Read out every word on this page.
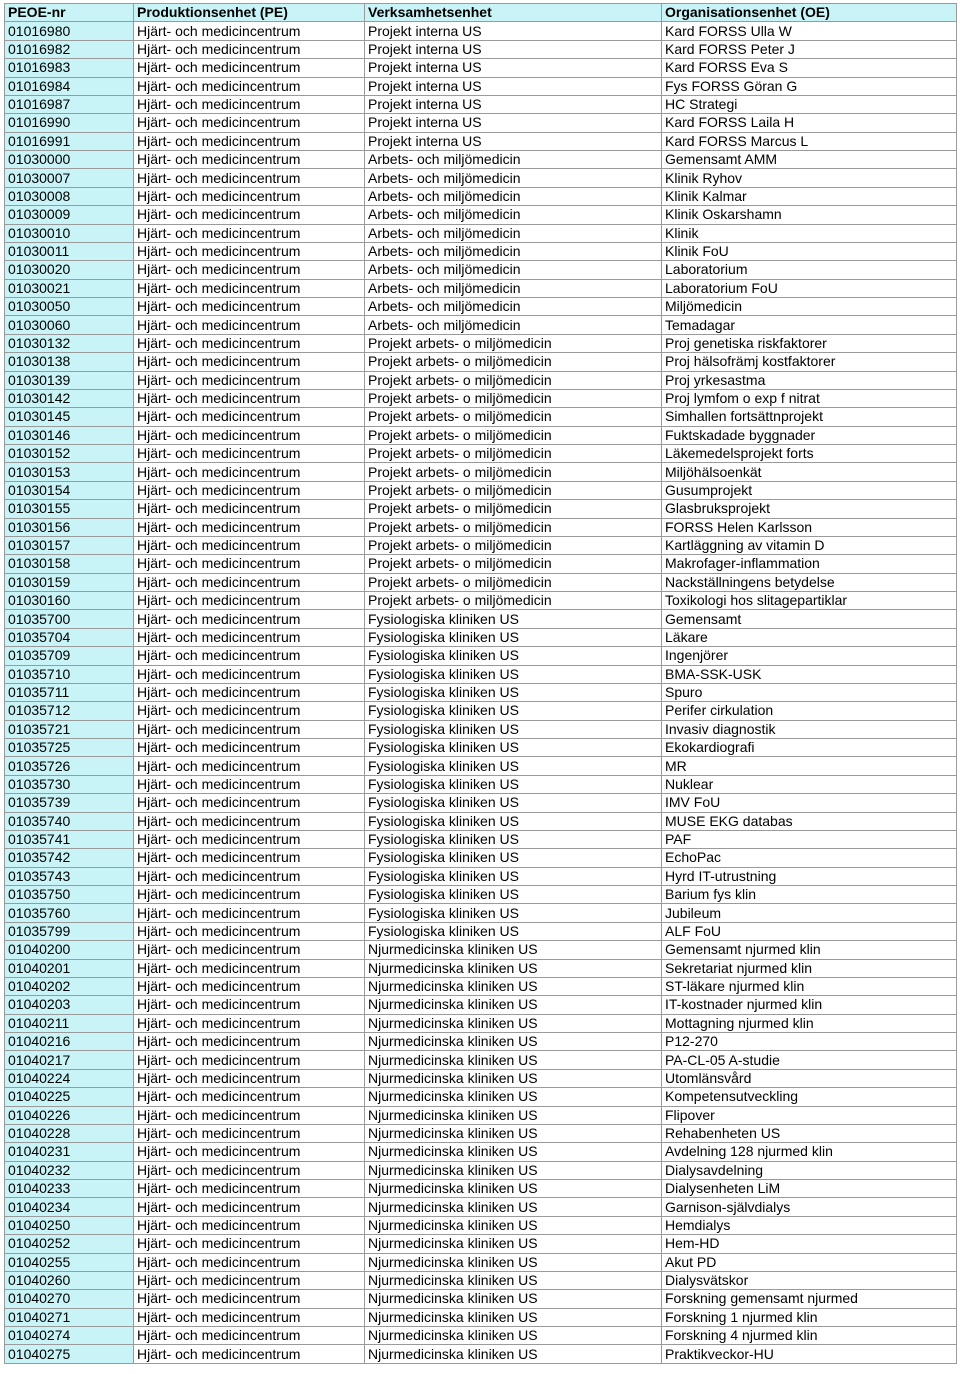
PEOE-nr	Produktionsenhet (PE)	Verksamhetsenhet	Organisationsenhet (OE)
01016980	Hjärt- och medicincentrum	Projekt interna US	Kard FORSS Ulla W
01016982	Hjärt- och medicincentrum	Projekt interna US	Kard FORSS Peter J
01016983	Hjärt- och medicincentrum	Projekt interna US	Kard FORSS Eva S
01016984	Hjärt- och medicincentrum	Projekt interna US	Fys FORSS Göran G
01016987	Hjärt- och medicincentrum	Projekt interna US	HC Strategi
01016990	Hjärt- och medicincentrum	Projekt interna US	Kard FORSS Laila H
01016991	Hjärt- och medicincentrum	Projekt interna US	Kard FORSS Marcus L
01030000	Hjärt- och medicincentrum	Arbets- och miljömedicin	Gemensamt AMM
01030007	Hjärt- och medicincentrum	Arbets- och miljömedicin	Klinik Ryhov
01030008	Hjärt- och medicincentrum	Arbets- och miljömedicin	Klinik Kalmar
01030009	Hjärt- och medicincentrum	Arbets- och miljömedicin	Klinik Oskarshamn
01030010	Hjärt- och medicincentrum	Arbets- och miljömedicin	Klinik
01030011	Hjärt- och medicincentrum	Arbets- och miljömedicin	Klinik FoU
01030020	Hjärt- och medicincentrum	Arbets- och miljömedicin	Laboratorium
01030021	Hjärt- och medicincentrum	Arbets- och miljömedicin	Laboratorium FoU
01030050	Hjärt- och medicincentrum	Arbets- och miljömedicin	Miljömedicin
01030060	Hjärt- och medicincentrum	Arbets- och miljömedicin	Temadagar
01030132	Hjärt- och medicincentrum	Projekt arbets- o miljömedicin	Proj genetiska riskfaktorer
01030138	Hjärt- och medicincentrum	Projekt arbets- o miljömedicin	Proj hälsofrämj kostfaktorer
01030139	Hjärt- och medicincentrum	Projekt arbets- o miljömedicin	Proj yrkesastma
01030142	Hjärt- och medicincentrum	Projekt arbets- o miljömedicin	Proj lymfom o exp f nitrat
01030145	Hjärt- och medicincentrum	Projekt arbets- o miljömedicin	Simhallen fortsättnprojekt
01030146	Hjärt- och medicincentrum	Projekt arbets- o miljömedicin	Fuktskadade byggnader
01030152	Hjärt- och medicincentrum	Projekt arbets- o miljömedicin	Läkemedelsprojekt forts
01030153	Hjärt- och medicincentrum	Projekt arbets- o miljömedicin	Miljöhälsoenkät
01030154	Hjärt- och medicincentrum	Projekt arbets- o miljömedicin	Gusumprojekt
01030155	Hjärt- och medicincentrum	Projekt arbets- o miljömedicin	Glasbruksprojekt
01030156	Hjärt- och medicincentrum	Projekt arbets- o miljömedicin	FORSS Helen Karlsson
01030157	Hjärt- och medicincentrum	Projekt arbets- o miljömedicin	Kartläggning av vitamin D
01030158	Hjärt- och medicincentrum	Projekt arbets- o miljömedicin	Makrofager-inflammation
01030159	Hjärt- och medicincentrum	Projekt arbets- o miljömedicin	Nackställningens betydelse
01030160	Hjärt- och medicincentrum	Projekt arbets- o miljömedicin	Toxikologi hos slitagepartiklar
01035700	Hjärt- och medicincentrum	Fysiologiska kliniken US	Gemensamt
01035704	Hjärt- och medicincentrum	Fysiologiska kliniken US	Läkare
01035709	Hjärt- och medicincentrum	Fysiologiska kliniken US	Ingenjörer
01035710	Hjärt- och medicincentrum	Fysiologiska kliniken US	BMA-SSK-USK
01035711	Hjärt- och medicincentrum	Fysiologiska kliniken US	Spuro
01035712	Hjärt- och medicincentrum	Fysiologiska kliniken US	Perifer cirkulation
01035721	Hjärt- och medicincentrum	Fysiologiska kliniken US	Invasiv diagnostik
01035725	Hjärt- och medicincentrum	Fysiologiska kliniken US	Ekokardiografi
01035726	Hjärt- och medicincentrum	Fysiologiska kliniken US	MR
01035730	Hjärt- och medicincentrum	Fysiologiska kliniken US	Nuklear
01035739	Hjärt- och medicincentrum	Fysiologiska kliniken US	IMV FoU
01035740	Hjärt- och medicincentrum	Fysiologiska kliniken US	MUSE EKG databas
01035741	Hjärt- och medicincentrum	Fysiologiska kliniken US	PAF
01035742	Hjärt- och medicincentrum	Fysiologiska kliniken US	EchoPac
01035743	Hjärt- och medicincentrum	Fysiologiska kliniken US	Hyrd IT-utrustning
01035750	Hjärt- och medicincentrum	Fysiologiska kliniken US	Barium fys klin
01035760	Hjärt- och medicincentrum	Fysiologiska kliniken US	Jubileum
01035799	Hjärt- och medicincentrum	Fysiologiska kliniken US	ALF FoU
01040200	Hjärt- och medicincentrum	Njurmedicinska kliniken US	Gemensamt njurmed klin
01040201	Hjärt- och medicincentrum	Njurmedicinska kliniken US	Sekretariat njurmed klin
01040202	Hjärt- och medicincentrum	Njurmedicinska kliniken US	ST-läkare njurmed klin
01040203	Hjärt- och medicincentrum	Njurmedicinska kliniken US	IT-kostnader njurmed klin
01040211	Hjärt- och medicincentrum	Njurmedicinska kliniken US	Mottagning njurmed klin
01040216	Hjärt- och medicincentrum	Njurmedicinska kliniken US	P12-270
01040217	Hjärt- och medicincentrum	Njurmedicinska kliniken US	PA-CL-05 A-studie
01040224	Hjärt- och medicincentrum	Njurmedicinska kliniken US	Utomlänsvård
01040225	Hjärt- och medicincentrum	Njurmedicinska kliniken US	Kompetensutveckling
01040226	Hjärt- och medicincentrum	Njurmedicinska kliniken US	Flipover
01040228	Hjärt- och medicincentrum	Njurmedicinska kliniken US	Rehabenheten US
01040231	Hjärt- och medicincentrum	Njurmedicinska kliniken US	Avdelning 128 njurmed klin
01040232	Hjärt- och medicincentrum	Njurmedicinska kliniken US	Dialysavdelning
01040233	Hjärt- och medicincentrum	Njurmedicinska kliniken US	Dialysenheten LiM
01040234	Hjärt- och medicincentrum	Njurmedicinska kliniken US	Garnison-självdialys
01040250	Hjärt- och medicincentrum	Njurmedicinska kliniken US	Hemdialys
01040252	Hjärt- och medicincentrum	Njurmedicinska kliniken US	Hem-HD
01040255	Hjärt- och medicincentrum	Njurmedicinska kliniken US	Akut PD
01040260	Hjärt- och medicincentrum	Njurmedicinska kliniken US	Dialysvätskor
01040270	Hjärt- och medicincentrum	Njurmedicinska kliniken US	Forskning gemensamt njurmed
01040271	Hjärt- och medicincentrum	Njurmedicinska kliniken US	Forskning 1 njurmed klin
01040274	Hjärt- och medicincentrum	Njurmedicinska kliniken US	Forskning 4 njurmed klin
01040275	Hjärt- och medicincentrum	Njurmedicinska kliniken US	Praktikveckor-HU
